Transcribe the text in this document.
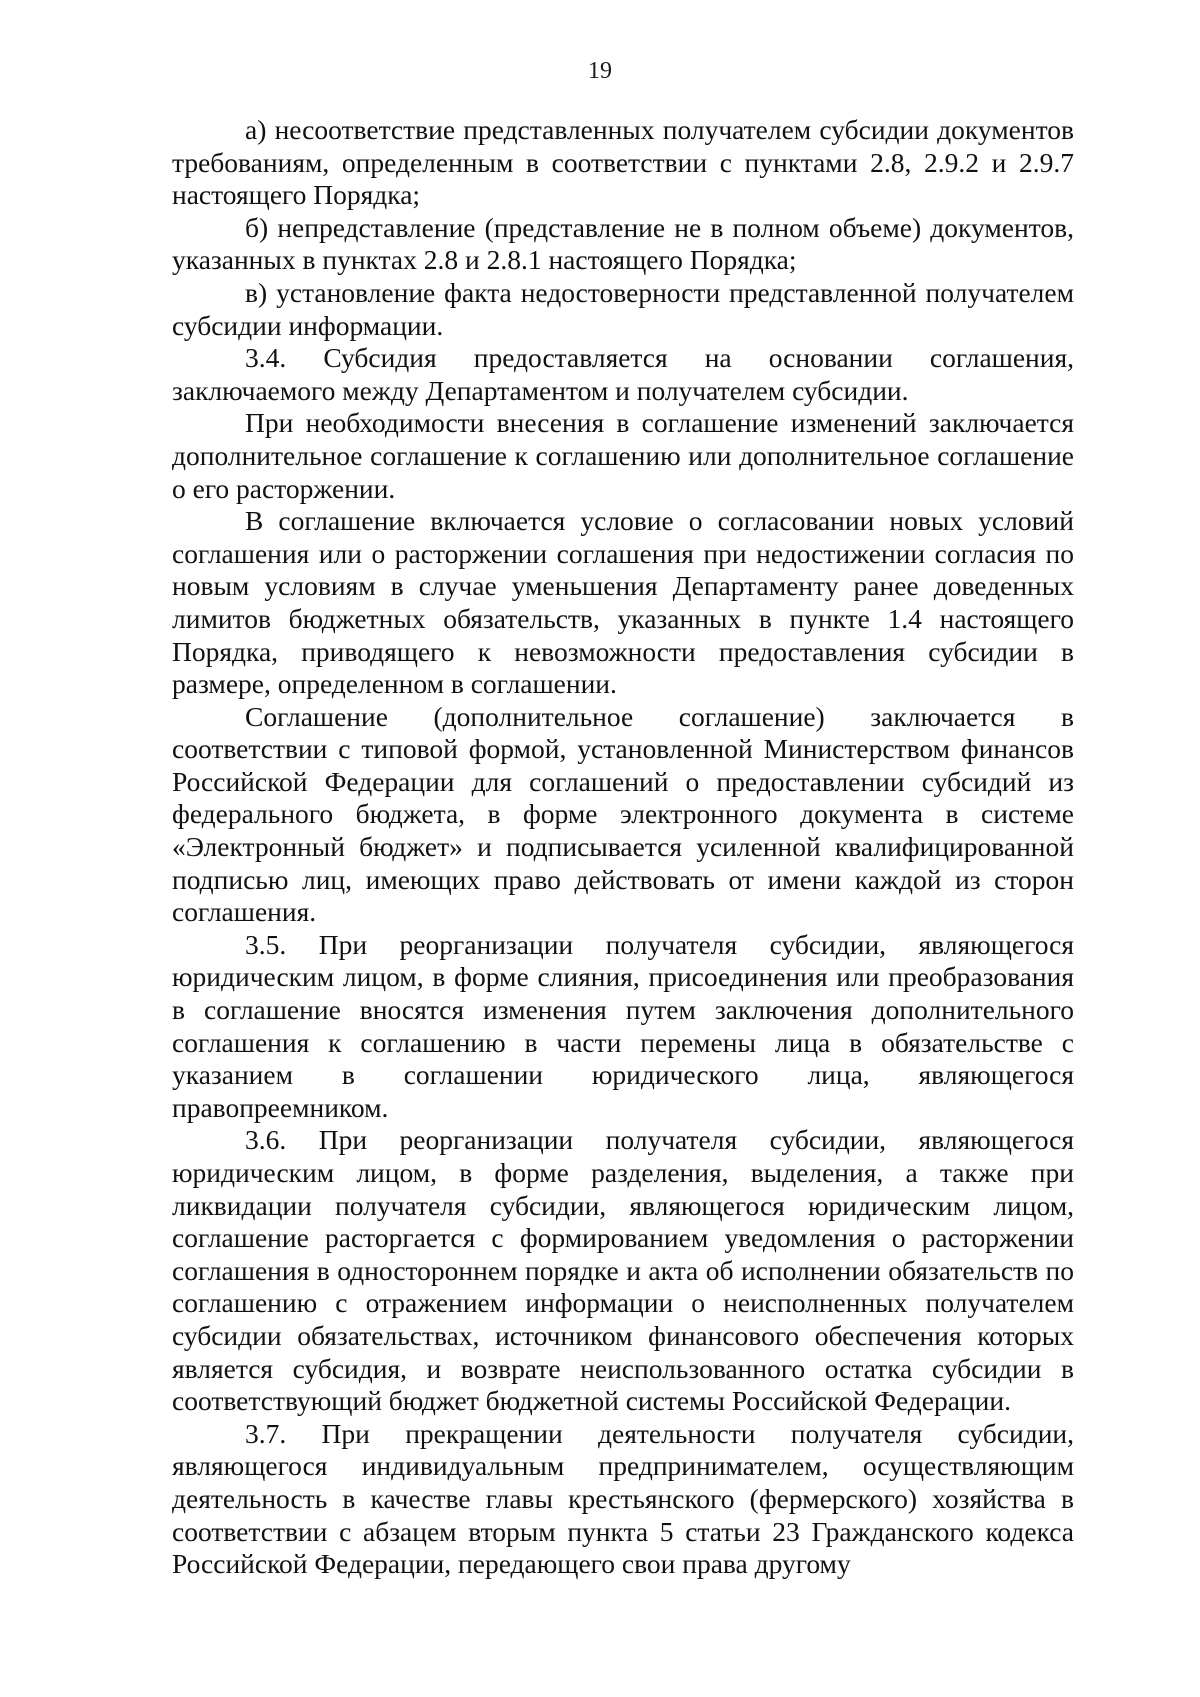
19

а) несоответствие представленных получателем субсидии документов требованиям, определенным в соответствии с пунктами 2.8, 2.9.2 и 2.9.7 настоящего Порядка;

б) непредставление (представление не в полном объеме) документов, указанных в пунктах 2.8 и 2.8.1 настоящего Порядка;

в) установление факта недостоверности представленной получателем субсидии информации.

3.4. Субсидия предоставляется на основании соглашения, заключаемого между Департаментом и получателем субсидии.

При необходимости внесения в соглашение изменений заключается дополнительное соглашение к соглашению или дополнительное соглашение о его расторжении.

В соглашение включается условие о согласовании новых условий соглашения или о расторжении соглашения при недостижении согласия по новым условиям в случае уменьшения Департаменту ранее доведенных лимитов бюджетных обязательств, указанных в пункте 1.4 настоящего Порядка, приводящего к невозможности предоставления субсидии в размере, определенном в соглашении.

Соглашение (дополнительное соглашение) заключается в соответствии с типовой формой, установленной Министерством финансов Российской Федерации для соглашений о предоставлении субсидий из федерального бюджета, в форме электронного документа в системе «Электронный бюджет» и подписывается усиленной квалифицированной подписью лиц, имеющих право действовать от имени каждой из сторон соглашения.

3.5. При реорганизации получателя субсидии, являющегося юридическим лицом, в форме слияния, присоединения или преобразования в соглашение вносятся изменения путем заключения дополнительного соглашения к соглашению в части перемены лица в обязательстве с указанием в соглашении юридического лица, являющегося правопреемником.

3.6. При реорганизации получателя субсидии, являющегося юридическим лицом, в форме разделения, выделения, а также при ликвидации получателя субсидии, являющегося юридическим лицом, соглашение расторгается с формированием уведомления о расторжении соглашения в одностороннем порядке и акта об исполнении обязательств по соглашению с отражением информации о неисполненных получателем субсидии обязательствах, источником финансового обеспечения которых является субсидия, и возврате неиспользованного остатка субсидии в соответствующий бюджет бюджетной системы Российской Федерации.

3.7. При прекращении деятельности получателя субсидии, являющегося индивидуальным предпринимателем, осуществляющим деятельность в качестве главы крестьянского (фермерского) хозяйства в соответствии с абзацем вторым пункта 5 статьи 23 Гражданского кодекса Российской Федерации, передающего свои права другому
